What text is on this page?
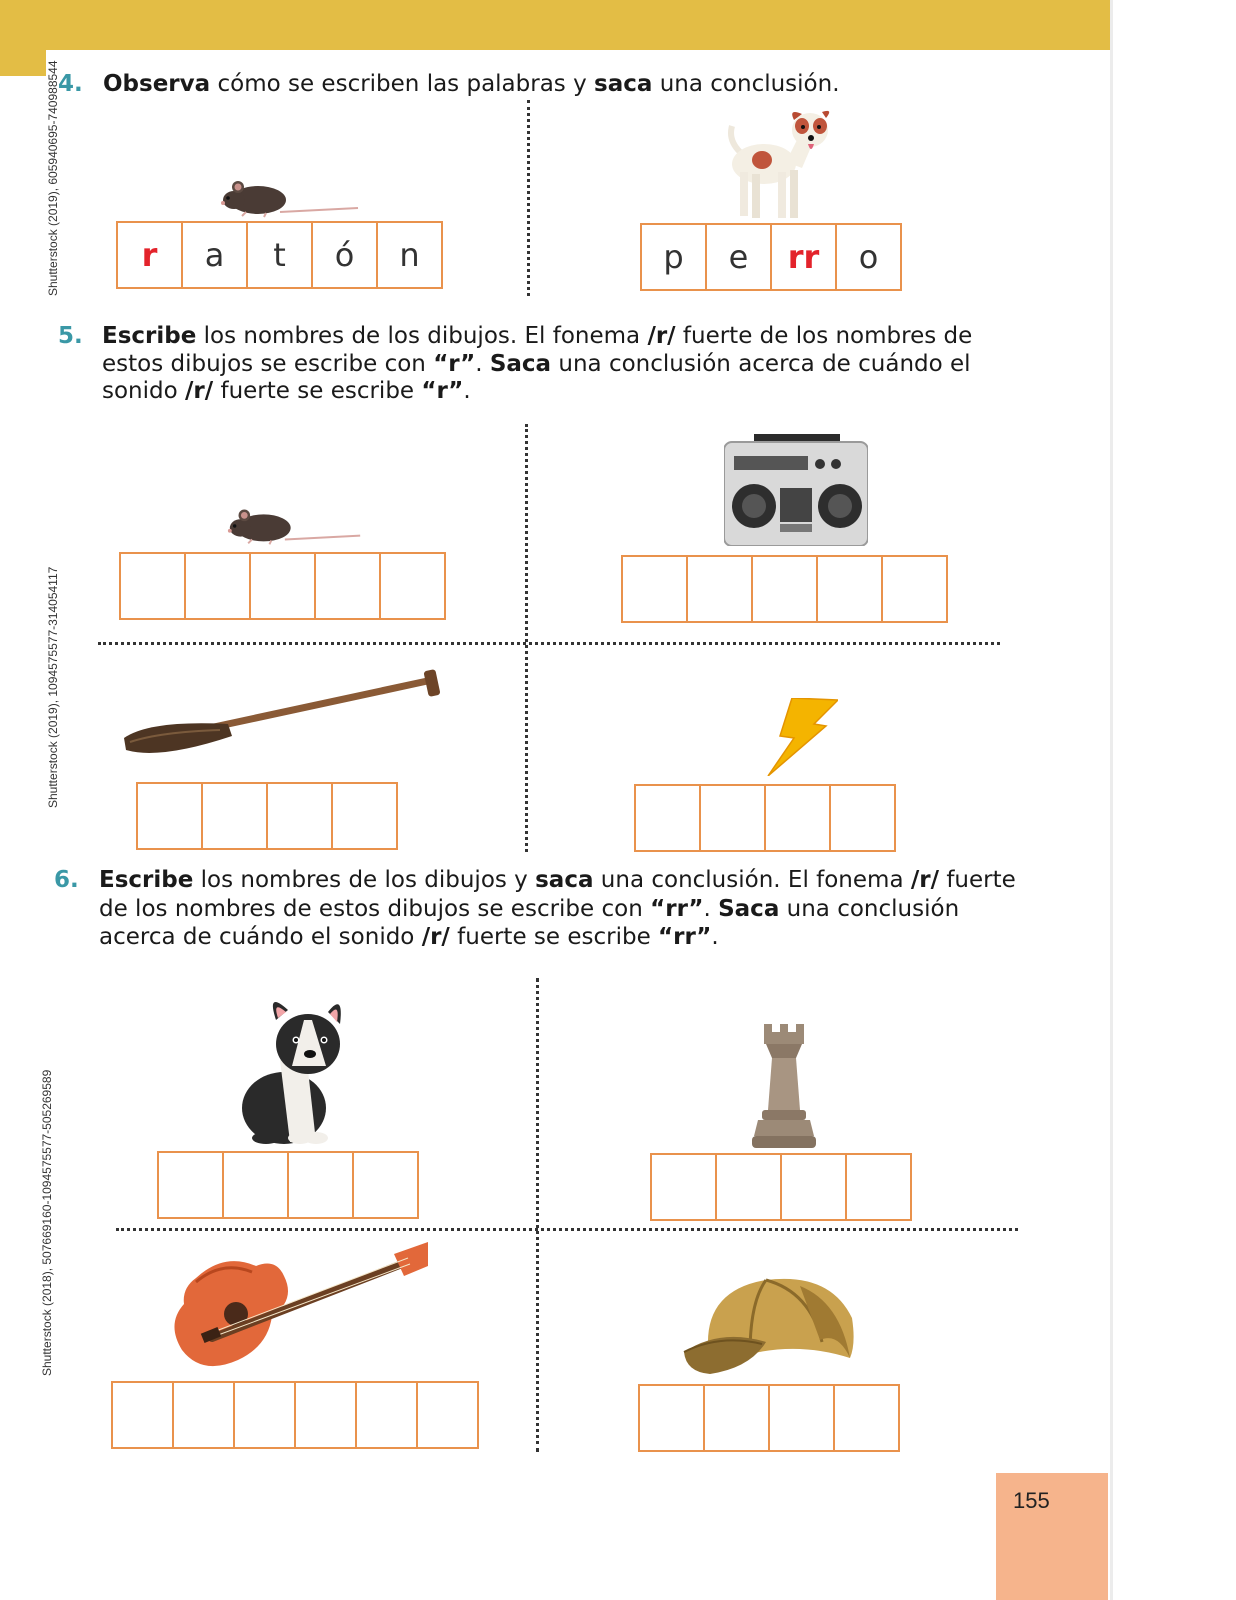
Shutterstock (2019), 605940695-740988544
Shutterstock (2019), 1094575577-314054117
Shutterstock (2018), 507669160-1094575577-505269589
4. Observa cómo se escriben las palabras y saca una conclusión.
r	a	t	ó	n	p	e	rr	o
5. Escribe los nombres de los dibujos. El fonema /r/ fuerte de los nombres de
estos dibujos se escribe con “r”. Saca una conclusión acerca de cuándo el
sonido /r/ fuerte se escribe “r”.
6. Escribe los nombres de los dibujos y saca una conclusión. El fonema /r/ fuerte
de los nombres de estos dibujos se escribe con “rr”. Saca una conclusión
acerca de cuándo el sonido /r/ fuerte se escribe “rr”.
155
